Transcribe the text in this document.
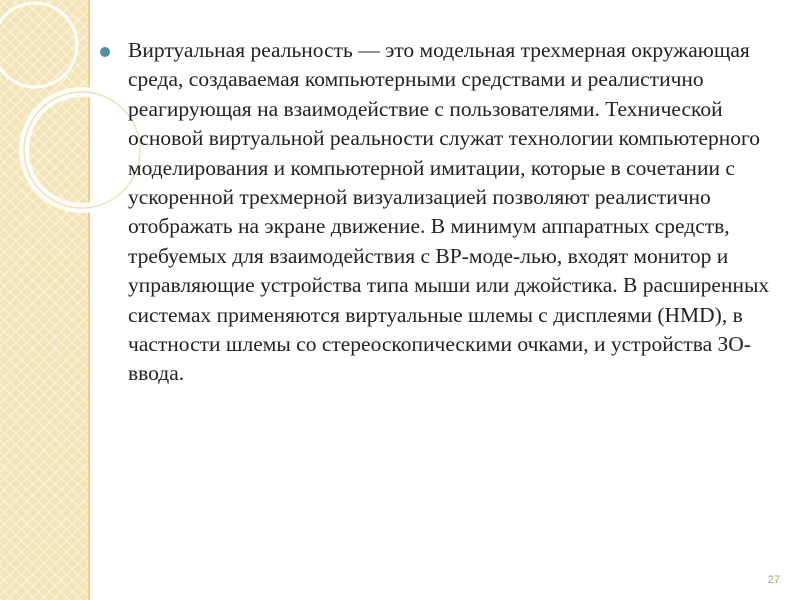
Виртуальная реальность — это модельная трехмерная окружающая среда, создаваемая компьютерными средствами и реалистично реагирующая на взаимодействие с пользователями. Технической основой виртуальной реальности служат технологии компьютерного моделирования и компьютерной имитации, которые в сочетании с ускоренной трехмерной визуализацией позволяют реалистично отображать на экране движение. В минимум аппаратных средств, требуемых для взаимодействия с ВР-моде-лью, входят монитор и управляющие устройства типа мыши или джойстика. В расширенных системах применяются виртуальные шлемы с дисплеями (HMD), в частности шлемы со стереоскопическими очками, и устройства ЗО-ввода.

27
